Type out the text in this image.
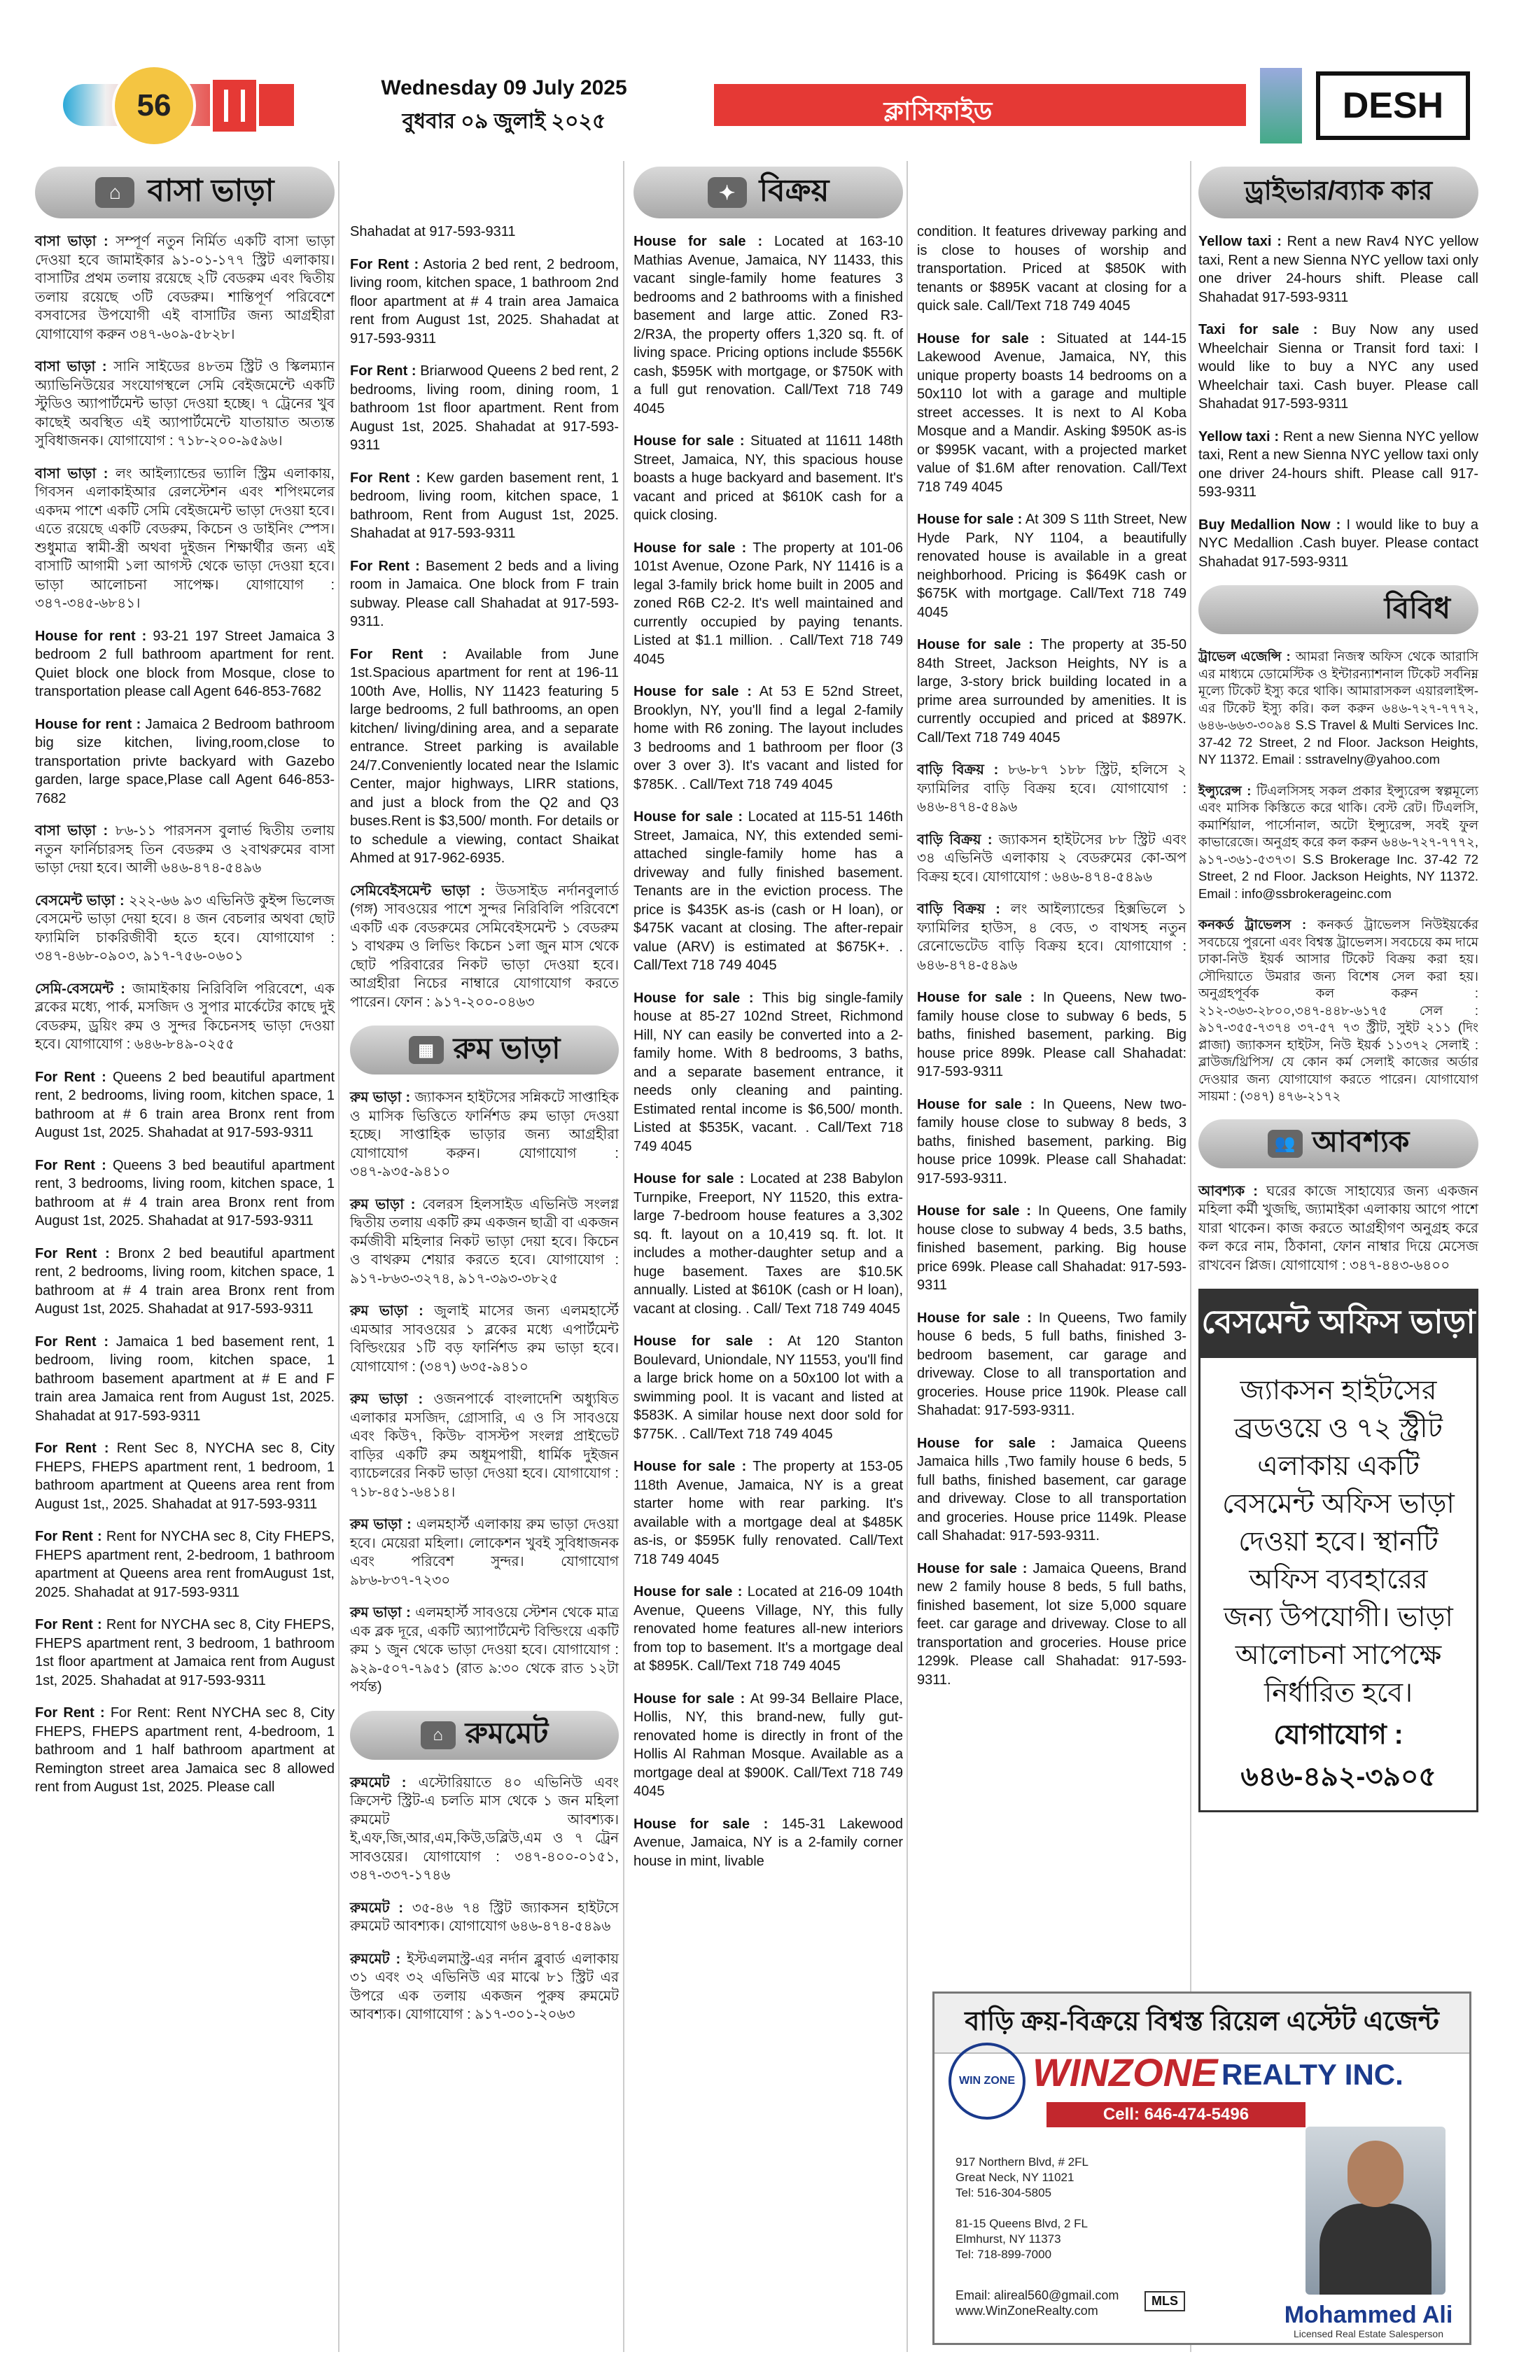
56
Wednesday 09 July 2025
বুধবার ০৯ জুলাই ২০২৫	ক্লাসিফাইড	DESH
⌂ বাসা ভাড়া

বাসা ভাড়া : সম্পূর্ণ নতুন নির্মিত একটি বাসা ভাড়া দেওয়া হবে জামাইকার ৯১-০১-১৭৭ স্ট্রিট এলাকায়। বাসাটির প্রথম তলায় রয়েছে ২টি বেডরুম এবং দ্বিতীয় তলায় রয়েছে ৩টি বেডরুম। শান্তিপূর্ণ পরিবেশে বসবাসের উপযোগী এই বাসাটির জন্য আগ্রহীরা যোগাযোগ করুন ৩৪৭-৬০৯-৫৮২৮।

বাসা ভাড়া : সানি সাইডের ৪৮তম স্ট্রিট ও স্কিলম্যান অ্যাভিনিউয়ের সংযোগস্থলে সেমি বেইজমেন্টে একটি স্টুডিও অ্যাপার্টমেন্ট ভাড়া দেওয়া হচ্ছে। ৭ ট্রেনের খুব কাছেই অবস্থিত এই অ্যাপার্টমেন্টে যাতায়াত অত্যন্ত সুবিধাজনক। যোগাযোগ : ৭১৮-২০০-৯৫৯৬।

বাসা ভাড়া : লং আইল্যান্ডের ভ্যালি স্ট্রিম এলাকায়, গিবসন এলাকাইআর রেলস্টেশন এবং শপিংমলের একদম পাশে একটি সেমি বেইজমেন্ট ভাড়া দেওয়া হবে। এতে রয়েছে একটি বেডরুম, কিচেন ও ডাইনিং স্পেস। শুধুমাত্র স্বামী-স্ত্রী অথবা দুইজন শিক্ষার্থীর জন্য এই বাসাটি আগামী ১লা আগস্ট থেকে ভাড়া দেওয়া হবে। ভাড়া আলোচনা সাপেক্ষ। যোগাযোগ : ৩৪৭-৩৪৫-৬৮৪১।

House for rent : 93-21 197 Street Jamaica 3 bedroom 2 full bathroom apartment for rent. Quiet block one block from Mosque, close to transportation please call Agent 646-853-7682

House for rent : Jamaica 2 Bedroom bathroom big size kitchen, living,room,close to transportation privte backyard with Gazebo garden, large space,Plase call Agent 646-853-7682

বাসা ভাড়া : ৮৬-১১ পারসনস বুলার্ভ দ্বিতীয় তলায় নতুন ফার্নিচারসহ তিন বেডরুম ও ২বাথরুমের বাসা ভাড়া দেয়া হবে। আলী ৬৪৬-৪৭৪-৫৪৯৬

বেসমেন্ট ভাড়া : ২২২-৬৬ ৯৩ এভিনিউ কুইন্স ভিলেজ বেসমেন্ট ভাড়া দেয়া হবে। ৪ জন বেচলার অথবা ছোট ফ্যামিলি চাকরিজীবী হতে হবে। যোগাযোগ : ৩৪৭-৪৬৮-০৯০৩, ৯১৭-৭৫৬-০৬০১

সেমি-বেসমেন্ট : জামাইকায় নিরিবিলি পরিবেশে, এক ব্লকের মধ্যে, পার্ক, মসজিদ ও সুপার মার্কেটের কাছে দুই বেডরুম, ড্রয়িং রুম ও সুন্দর কিচেনসহ ভাড়া দেওয়া হবে। যোগাযোগ : ৬৪৬-৮৪৯-০২৫৫

For Rent : Queens 2 bed beautiful apartment rent, 2 bedrooms, living room, kitchen space, 1 bathroom at # 6 train area Bronx rent from August 1st, 2025. Shahadat at 917-593-9311

For Rent : Queens 3 bed beautiful apartment rent, 3 bedrooms, living room, kitchen space, 1 bathroom at # 4 train area Bronx rent from August 1st, 2025. Shahadat at 917-593-9311

For Rent : Bronx 2 bed beautiful apartment rent, 2 bedrooms, living room, kitchen space, 1 bathroom at # 4 train area Bronx rent from August 1st, 2025. Shahadat at 917-593-9311

For Rent : Jamaica 1 bed basement rent, 1 bedroom, living room, kitchen space, 1 bathroom basement apartment at # E and F train area Jamaica rent from August 1st, 2025. Shahadat at 917-593-9311

For Rent : Rent Sec 8, NYCHA sec 8, City FHEPS, FHEPS apartment rent, 1 bedroom, 1 bathroom apartment at Queens area rent from August 1st,, 2025. Shahadat at 917-593-9311

For Rent : Rent for NYCHA sec 8, City FHEPS, FHEPS apartment rent, 2-bedroom, 1 bathroom apartment at Queens area rent fromAugust 1st, 2025. Shahadat at 917-593-9311

For Rent : Rent for NYCHA sec 8, City FHEPS, FHEPS apartment rent, 3 bedroom, 1 bathroom 1st floor apartment at Jamaica rent from August 1st, 2025. Shahadat at 917-593-9311

For Rent : For Rent: Rent NYCHA sec 8, City FHEPS, FHEPS apartment rent, 4-bedroom, 1 bathroom and 1 half bathroom apartment at Remington street area Jamaica sec 8 allowed rent from August 1st, 2025. Please call

Shahadat at 917-593-9311

For Rent : Astoria 2 bed rent, 2 bedroom, living room, kitchen space, 1 bathroom 2nd floor apartment at # 4 train area Jamaica rent from August 1st, 2025. Shahadat at 917-593-9311

For Rent : Briarwood Queens 2 bed rent, 2 bedrooms, living room, dining room, 1 bathroom 1st floor apartment. Rent from August 1st, 2025. Shahadat at 917-593-9311

For Rent : Kew garden basement rent, 1 bedroom, living room, kitchen space, 1 bathroom, Rent from August 1st, 2025. Shahadat at 917-593-9311

For Rent : Basement 2 beds and a living room in Jamaica. One block from F train subway. Please call Shahadat at 917-593-9311.

For Rent : Available from June 1st.Spacious apartment for rent at 196-11 100th Ave, Hollis, NY 11423 featuring 5 large bedrooms, 2 full bathrooms, an open kitchen/ living/dining area, and a separate entrance. Street parking is available 24/7.Conveniently located near the Islamic Center, major highways, LIRR stations, and just a block from the Q2 and Q3 buses.Rent is $3,500/ month. For details or to schedule a viewing, contact Shaikat Ahmed at 917-962-6935.

সেমিবেইসমেন্ট ভাড়া : উডসাইড নর্দানবুলার্ড (গঙ্গ) সাবওয়ের পাশে সুন্দর নিরিবিলি পরিবেশে একটি এক বেডরুমের সেমিবেইসমেন্ট ১ বেডরুম ১ বাথরুম ও লিভিং কিচেন ১লা জুন মাস থেকে ছোট পরিবারের নিকট ভাড়া দেওয়া হবে। আগ্রহীরা নিচের নাম্বারে যোগাযোগ করতে পারেন। ফোন : ৯১৭-২০০-০৪৬৩

▦ রুম ভাড়া

রুম ভাড়া : জ্যাকসন হাইটসের সন্নিকটে সাপ্তাহিক ও মাসিক ভিত্তিতে ফার্নিশড রুম ভাড়া দেওয়া হচ্ছে। সাপ্তাহিক ভাড়ার জন্য আগ্রহীরা যোগাযোগ করুন। যোগাযোগ : ৩৪৭-৯৩৫-৯৪১০

রুম ভাড়া : বেলরস হিলসাইড এভিনিউ সংলগ্ন দ্বিতীয় তলায় একটি রুম একজন ছাত্রী বা একজন কর্মজীবী মহিলার নিকট ভাড়া দেয়া হবে। কিচেন ও বাথরুম শেয়ার করতে হবে। যোগাযোগ : ৯১৭-৮৬৩-৩২৭৪, ৯১৭-৩৯৩-৩৮২৫

রুম ভাড়া : জুলাই মাসের জন্য এলমহার্স্টে এমআর সাবওয়ের ১ ব্লকের মধ্যে এপার্টমেন্ট বিল্ডিংয়ের ১টি বড় ফার্নিশড রুম ভাড়া হবে। যোগাযোগ : (৩৪৭) ৬৩৫-৯৪১০

রুম ভাড়া : ওজনপার্কে বাংলাদেশি অধ্যুষিত এলাকার মসজিদ, গ্রোসারি, এ ও সি সাবওয়ে এবং কিউ৭, কিউ৮ বাসস্টপ সংলগ্ন প্রাইভেট বাড়ির একটি রুম অধূমপায়ী, ধার্মিক দুইজন ব্যাচেলরের নিকট ভাড়া দেওয়া হবে। যোগাযোগ : ৭১৮-৪৫১-৬৪১৪।

রুম ভাড়া : এলমহার্স্ট এলাকায় রুম ভাড়া দেওয়া হবে। মেয়েরা মহিলা। লোকেশন খুবই সুবিধাজনক এবং পরিবেশ সুন্দর। যোগাযোগ ৯৮৬-৮৩৭-৭২৩০

রুম ভাড়া : এলমহার্স্ট সাবওয়ে স্টেশন থেকে মাত্র এক ব্লক দূরে, একটি অ্যাপার্টমেন্ট বিল্ডিংয়ে একটি রুম ১ জুন থেকে ভাড়া দেওয়া হবে। যোগাযোগ : ৯২৯-৫০৭-৭৯৫১ (রাত ৯:৩০ থেকে রাত ১২টা পর্যন্ত)

⌂ রুমমেট

রুমমেট : এস্টোরিয়াতে ৪০ এভিনিউ এবং ক্রিসেন্ট স্ট্রিট-এ চলতি মাস থেকে ১ জন মহিলা রুমমেট আবশ্যক। ই,এফ,জি,আর,এম,কিউ,ডব্লিউ,এম ও ৭ ট্রেন সাবওয়ের। যোগাযোগ : ৩৪৭-৪০০-০১৫১, ৩৪৭-৩৩৭-১৭৪৬

রুমমেট : ৩৫-৪৬ ৭৪ স্ট্রিট জ্যাকসন হাইটসে রুমমেট আবশ্যক। যোগাযোগ ৬৪৬-৪৭৪-৫৪৯৬

রুমমেট : ইস্টএলমাস্ট্র-এর নর্দান ব্লুবার্ড এলাকায় ৩১ এবং ৩২ এভিনিউ এর মাঝে ৮১ স্ট্রিট এর উপরে এক তলায় একজন পুরুষ রুমমেট আবশ্যক। যোগাযোগ : ৯১৭-৩০১-২০৬৩

✦ বিক্রয়

House for sale : Located at 163-10 Mathias Avenue, Jamaica, NY 11433, this vacant single-family home features 3 bedrooms and 2 bathrooms with a finished basement and large attic. Zoned R3-2/R3A, the property offers 1,320 sq. ft. of living space. Pricing options include $556K cash, $595K with mortgage, or $750K with a full gut renovation. Call/Text 718 749 4045

House for sale : Situated at 11611 148th Street, Jamaica, NY, this spacious house boasts a huge backyard and basement. It's vacant and priced at $610K cash for a quick closing.

House for sale : The property at 101-06 101st Avenue, Ozone Park, NY 11416 is a legal 3-family brick home built in 2005 and zoned R6B C2-2. It's well maintained and currently occupied by paying tenants. Listed at $1.1 million. . Call/Text 718 749 4045

House for sale : At 53 E 52nd Street, Brooklyn, NY, you'll find a legal 2-family home with R6 zoning. The layout includes 3 bedrooms and 1 bathroom per floor (3 over 3 over 3). It's vacant and listed for $785K. . Call/Text 718 749 4045

House for sale : Located at 115-51 146th Street, Jamaica, NY, this extended semi-attached single-family home has a driveway and fully finished basement. Tenants are in the eviction process. The price is $435K as-is (cash or H loan), or $475K vacant at closing. The after-repair value (ARV) is estimated at $675K+. . Call/Text 718 749 4045

House for sale : This big single-family house at 85-27 102nd Street, Richmond Hill, NY can easily be converted into a 2-family home. With 8 bedrooms, 3 baths, and a separate basement entrance, it needs only cleaning and painting. Estimated rental income is $6,500/ month. Listed at $535K, vacant. . Call/Text 718 749 4045

House for sale : Located at 238 Babylon Turnpike, Freeport, NY 11520, this extra-large 7-bedroom house features a 3,302 sq. ft. layout on a 10,419 sq. ft. lot. It includes a mother-daughter setup and a huge basement. Taxes are $10.5K annually. Listed at $610K (cash or H loan), vacant at closing. . Call/ Text 718 749 4045

House for sale : At 120 Stanton Boulevard, Uniondale, NY 11553, you'll find a large brick home on a 50x100 lot with a swimming pool. It is vacant and listed at $583K. A similar house next door sold for $775K. . Call/Text 718 749 4045

House for sale : The property at 153-05 118th Avenue, Jamaica, NY is a great starter home with rear parking. It's available with a mortgage deal at $485K as-is, or $595K fully renovated. Call/Text 718 749 4045

House for sale : Located at 216-09 104th Avenue, Queens Village, NY, this fully renovated home features all-new interiors from top to basement. It's a mortgage deal at $895K. Call/Text 718 749 4045

House for sale : At 99-34 Bellaire Place, Hollis, NY, this brand-new, fully gut-renovated home is directly in front of the Hollis Al Rahman Mosque. Available as a mortgage deal at $900K. Call/Text 718 749 4045

House for sale : 145-31 Lakewood Avenue, Jamaica, NY is a 2-family corner house in mint, livable

condition. It features driveway parking and is close to houses of worship and transportation. Priced at $850K with tenants or $895K vacant at closing for a quick sale. Call/Text 718 749 4045

House for sale : Situated at 144-15 Lakewood Avenue, Jamaica, NY, this unique property boasts 14 bedrooms on a 50x110 lot with a garage and multiple street accesses. It is next to Al Koba Mosque and a Mandir. Asking $950K as-is or $995K vacant, with a projected market value of $1.6M after renovation. Call/Text 718 749 4045

House for sale : At 309 S 11th Street, New Hyde Park, NY 1104, a beautifully renovated house is available in a great neighborhood. Pricing is $649K cash or $675K with mortgage. Call/Text 718 749 4045

House for sale : The property at 35-50 84th Street, Jackson Heights, NY is a large, 3-story brick building located in a prime area surrounded by amenities. It is currently occupied and priced at $897K. Call/Text 718 749 4045

বাড়ি বিক্রয় : ৮৬-৮৭ ১৮৮ স্ট্রিট, হলিসে ২ ফ্যামিলির বাড়ি বিক্রয় হবে। যোগাযোগ : ৬৪৬-৪৭৪-৫৪৯৬

বাড়ি বিক্রয় : জ্যাকসন হাইটসের ৮৮ স্ট্রিট এবং ৩৪ এভিনিউ এলাকায় ২ বেডরুমের কো-অপ বিক্রয় হবে। যোগাযোগ : ৬৪৬-৪৭৪-৫৪৯৬

বাড়ি বিক্রয় : লং আইল্যান্ডের হিক্সভিলে ১ ফ্যামিলির হাউস, ৪ বেড, ৩ বাথসহ নতুন রেনোভেটেড বাড়ি বিক্রয় হবে। যোগাযোগ : ৬৪৬-৪৭৪-৫৪৯৬

House for sale : In Queens, New two-family house close to subway 6 beds, 5 baths, finished basement, parking. Big house price 899k. Please call Shahadat: 917-593-9311

House for sale : In Queens, New two-family house close to subway 8 beds, 3 baths, finished basement, parking. Big house price 1099k. Please call Shahadat: 917-593-9311.

House for sale : In Queens, One family house close to subway 4 beds, 3.5 baths, finished basement, parking. Big house price 699k. Please call Shahadat: 917-593-9311

House for sale : In Queens, Two family house 6 beds, 5 full baths, finished 3-bedroom basement, car garage and driveway. Close to all transportation and groceries. House price 1190k. Please call Shahadat: 917-593-9311.

House for sale : Jamaica Queens Jamaica hills ,Two family house 6 beds, 5 full baths, finished basement, car garage and driveway. Close to all transportation and groceries. House price 1149k. Please call Shahadat: 917-593-9311.

House for sale : Jamaica Queens, Brand new 2 family house 8 beds, 5 full baths, finished basement, lot size 5,000 square feet. car garage and driveway. Close to all transportation and groceries. House price 1299k. Please call Shahadat: 917-593-9311.

ড্রাইভার/ব্যাক কার

Yellow taxi : Rent a new Rav4 NYC yellow taxi, Rent a new Sienna NYC yellow taxi only one driver 24-hours shift. Please call Shahadat 917-593-9311

Taxi for sale : Buy Now any used Wheelchair Sienna or Transit ford taxi: I would like to buy a NYC any used Wheelchair taxi. Cash buyer. Please call Shahadat 917-593-9311

Yellow taxi : Rent a new Sienna NYC yellow taxi, Rent a new Sienna NYC yellow taxi only one driver 24-hours shift. Please call 917-593-9311

Buy Medallion Now : I would like to buy a NYC Medallion .Cash buyer. Please contact Shahadat 917-593-9311

বিবিধ

ট্রাভেল এজেন্সি : আমরা নিজস্ব অফিস থেকে আরাসি এর মাধ্যমে ডোমেস্টিক ও ইন্টারন্যাশনাল টিকেট সর্বনিম্ন মূল্যে টিকেট ইস্যু করে থাকি। আমারাসকল এয়ারলাইন্স-এর টিকেট ইস্যু করি। কল করুন ৬৪৬-৭২৭-৭৭৭২, ৬৪৬-৬৬৩-৩০৯৪ S.S Travel & Multi Services Inc. 37-42 72 Street, 2 nd Floor. Jackson Heights, NY 11372. Email : sstravelny@yahoo.com

ইন্স্যুরেন্স : টিএলসিসহ সকল প্রকার ইন্স্যুরেন্স স্বল্পমূল্যে এবং মাসিক কিস্তিতে করে থাকি। বেস্ট রেট। টিএলসি, কমার্শিয়াল, পার্সোনাল, অটো ইন্স্যুরেন্স, সবই ফুল কাভারেজে। অনুগ্রহ করে কল করুন ৬৪৬-৭২৭-৭৭৭২, ৯১৭-৩৬১-৫৩৭৩। S.S Brokerage Inc. 37-42 72 Street, 2 nd Floor. Jackson Heights, NY 11372. Email : info@ssbrokerageinc.com

কনকর্ড ট্রাভেলস : কনকর্ড ট্রাভেলস নিউইয়র্কের সবচেয়ে পুরনো এবং বিশ্বস্ত ট্রাভেলস। সবচেয়ে কম দামে ঢাকা-নিউ ইয়র্ক আসার টিকেট বিক্রয় করা হয়। সৌদিয়াতে উমরার জন্য বিশেষ সেল করা হয়। অনুগ্রহপূর্বক কল করুন : ২১২-৩৬৩-২৮০০,৩৪৭-৪৪৮-৬১৭৫ সেল : ৯১৭-৩৫৫-৭৩৭৪ ৩৭-৫৭ ৭৩ স্ট্রীট, সুইট ২১১ (দিং প্লাজা) জ্যাকসন হাইটস, নিউ ইয়র্ক ১১৩৭২ সেলাই : ব্লাউজ/থ্রিপিস/ যে কোন কর্ম সেলাই কাজের অর্ডার দেওয়ার জন্য যোগাযোগ করতে পারেন। যোগাযোগ সায়মা : (৩৪৭) ৪৭৬-২১৭২

👥 আবশ্যক

আবশ্যক : ঘরের কাজে সাহায্যের জন্য একজন মহিলা কর্মী খুজছি, জ্যামাইকা এলাকায় আগে পাশে যারা থাকেন। কাজ করতে আগ্রহীগণ অনুগ্রহ করে কল করে নাম, ঠিকানা, ফোন নাম্বার দিয়ে মেসেজ রাখবেন প্লিজ। যোগাযোগ : ৩৪৭-৪৪৩-৬৪০০

বেসমেন্ট অফিস ভাড়া
জ্যাকসন হাইটসের ব্রডওয়ে ও ৭২ স্ট্রীট এলাকায় একটি বেসমেন্ট অফিস ভাড়া দেওয়া হবে। স্থানটি অফিস ব্যবহারের জন্য উপযোগী। ভাড়া আলোচনা সাপেক্ষে নির্ধারিত হবে।
যোগাযোগ :
৬৪৬-৪৯২-৩৯০৫
বাড়ি ক্রয়-বিক্রয়ে বিশ্বস্ত রিয়েল এস্টেট এজেন্ট
WIN ZONE WINZONE REALTY INC.
Cell: 646-474-5496
917 Northern Blvd, # 2FL
Great Neck, NY 11021
Tel: 516-304-5805

81-15 Queens Blvd, 2 FL
Elmhurst, NY 11373
Tel: 718-899-7000
MLS
Email: alireal560@gmail.com
www.WinZoneRealty.com	Mohammed Ali
Licensed Real Estate Salesperson
